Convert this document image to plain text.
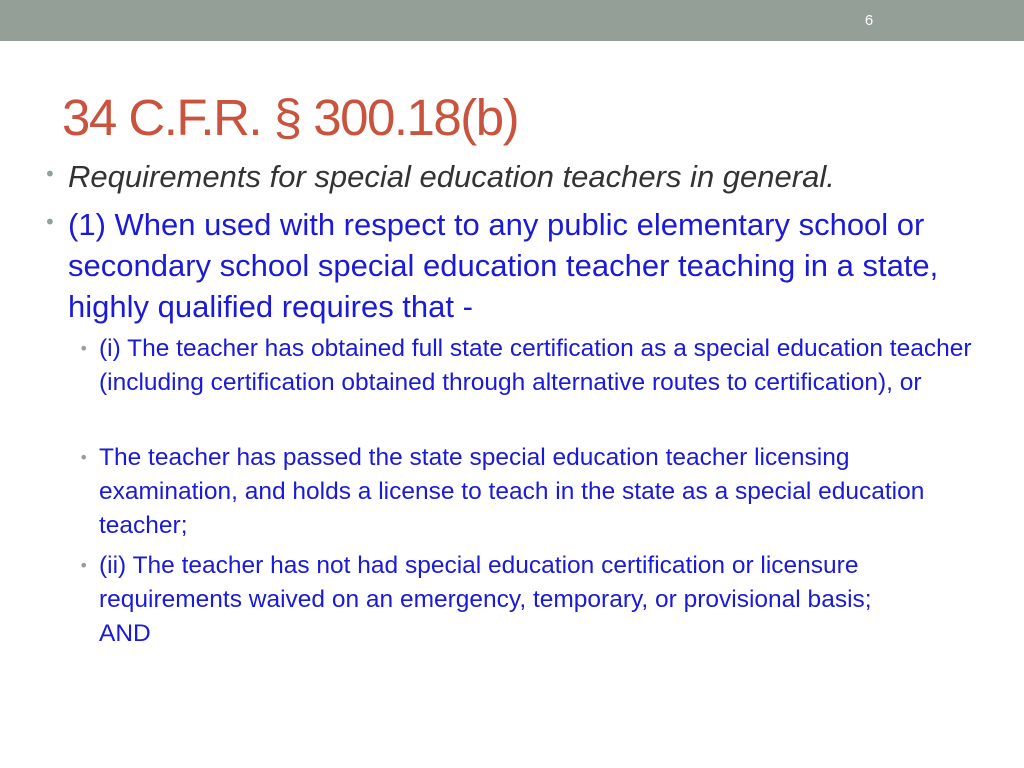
6
34 C.F.R. § 300.18(b)
• Requirements for special education teachers in general.
• (1) When used with respect to any public elementary school or secondary school special education teacher teaching in a state, highly qualified requires that -
• (i) The teacher has obtained full state certification as a special education teacher (including certification obtained through alternative routes to certification), or
• The teacher has passed the state special education teacher licensing examination, and holds a license to teach in the state as a special education teacher;
• (ii) The teacher has not had special education certification or licensure requirements waived on an emergency, temporary, or provisional basis; AND
